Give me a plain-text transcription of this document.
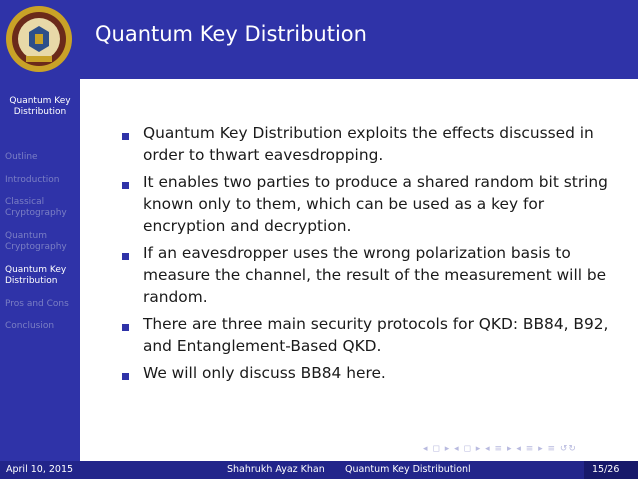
Quantum Key Distribution
Quantum Key Distribution
Outline
Introduction
Classical Cryptography
Quantum Cryptography
Quantum Key Distribution
Pros and Cons
Conclusion
Quantum Key Distribution exploits the effects discussed in order to thwart eavesdropping.
It enables two parties to produce a shared random bit string known only to them, which can be used as a key for encryption and decryption.
If an eavesdropper uses the wrong polarization basis to measure the channel, the result of the measurement will be random.
There are three main security protocols for QKD: BB84, B92, and Entanglement-Based QKD.
We will only discuss BB84 here.
◂ ◻ ▸ ◂ ◻ ▸ ◂ ≡ ▸ ◂ ≡ ▸ ≡ ↺↻
April 10, 2015	Shahrukh Ayaz Khan Quantum Key Distributionl	15/26
